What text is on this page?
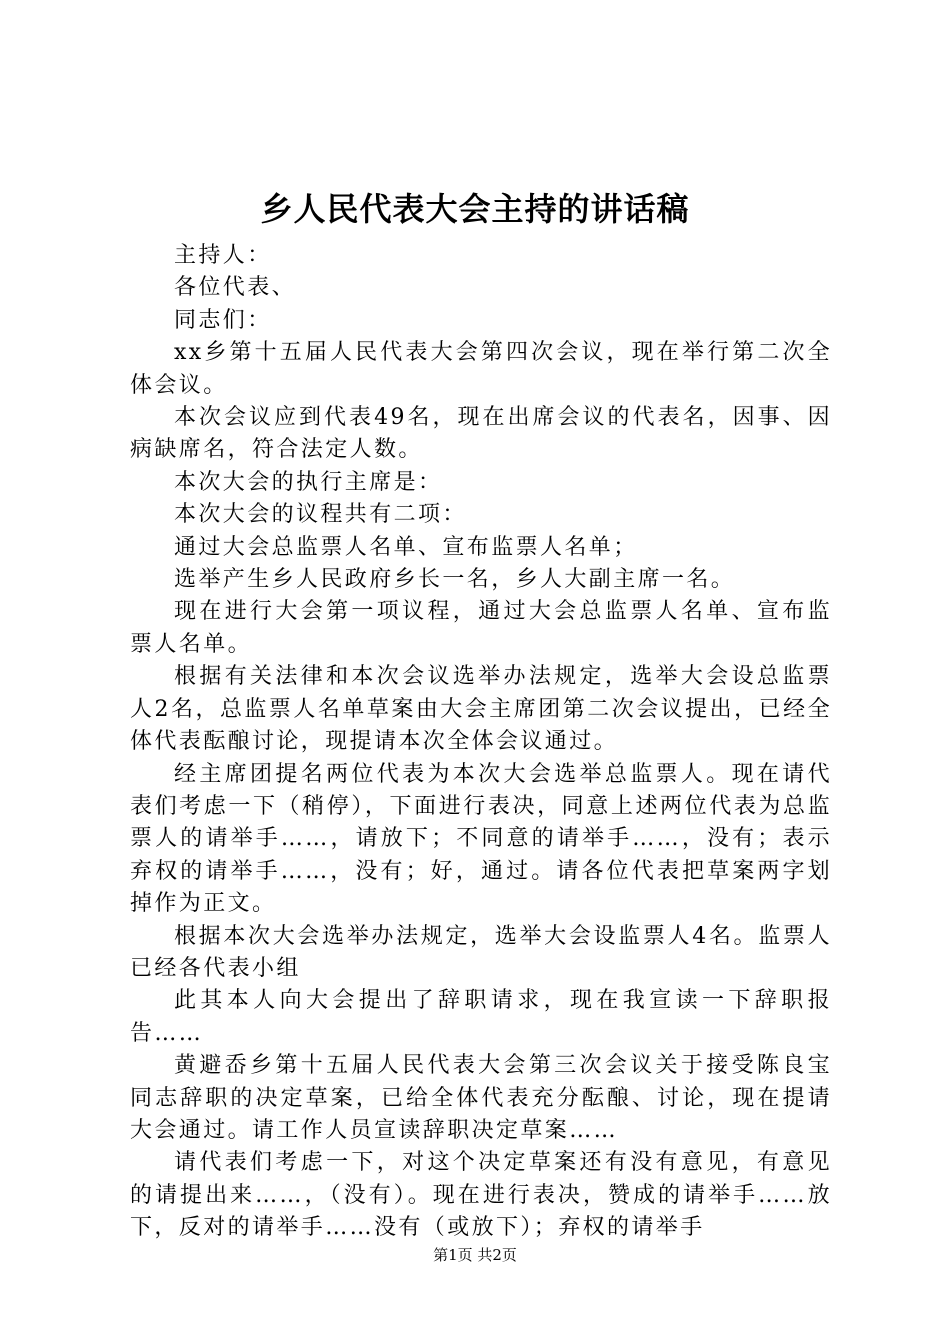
乡人民代表大会主持的讲话稿

主持人：

各位代表、

同志们：

xx乡第十五届人民代表大会第四次会议，现在举行第二次全体会议。

本次会议应到代表49名，现在出席会议的代表名，因事、因病缺席名，符合法定人数。

本次大会的执行主席是：

本次大会的议程共有二项：

通过大会总监票人名单、宣布监票人名单；

选举产生乡人民政府乡长一名，乡人大副主席一名。

现在进行大会第一项议程，通过大会总监票人名单、宣布监票人名单。

根据有关法律和本次会议选举办法规定，选举大会设总监票人2名，总监票人名单草案由大会主席团第二次会议提出，已经全体代表酝酿讨论，现提请本次全体会议通过。

经主席团提名两位代表为本次大会选举总监票人。现在请代表们考虑一下（稍停），下面进行表决，同意上述两位代表为总监票人的请举手……，请放下；不同意的请举手……，没有；表示弃权的请举手……，没有；好，通过。请各位代表把草案两字划掉作为正文。

根据本次大会选举办法规定，选举大会设监票人4名。监票人已经各代表小组

此其本人向大会提出了辞职请求，现在我宣读一下辞职报告……

黄避岙乡第十五届人民代表大会第三次会议关于接受陈良宝同志辞职的决定草案，已给全体代表充分酝酿、讨论，现在提请大会通过。请工作人员宣读辞职决定草案……

请代表们考虑一下，对这个决定草案还有没有意见，有意见的请提出来……，（没有）。现在进行表决，赞成的请举手……放下，反对的请举手……没有（或放下）；弃权的请举手

第1页 共2页
